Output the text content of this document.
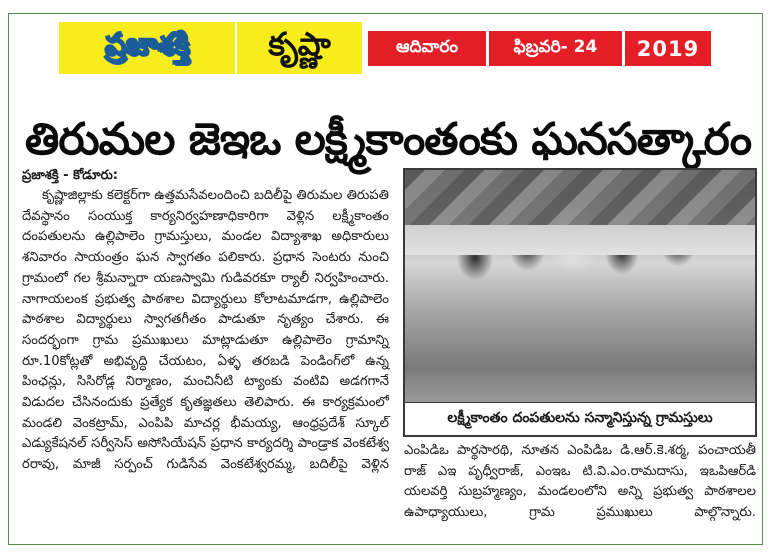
ప్రజాశక్తి కృష్ణా	ఆదివారం	ఫిబ్రవరి- 24	2019
తిరుమల జెఇఒ లక్ష్మీకాంతంకు ఘనసత్కారం
ప్రజాశక్తి - కోడూరు:

కృష్ణాజిల్లాకు కలెక్టర్‌గా ఉత్తమసేవలందించి బదిలీపై తిరుమల తిరుపతి దేవస్థానం సంయుక్త కార్యనిర్వహణాధికారిగా వెళ్లిన లక్ష్మీకాంతం దంపతులను ఉల్లిపాలెం గ్రామస్తులు, మండల విద్యాశాఖ అధికారులు శనివారం సాయంత్రం ఘన స్వాగతం పలికారు. ప్రధాన సెంటరు నుంచి గ్రామంలో గల శ్రీమన్నారా యణస్వామి గుడివరకూ ర్యాలీ నిర్వహించారు. నాగాయలంక ప్రభుత్వ పాఠశాల విద్యార్థులు కోలాటమాడగా, ఉల్లిపాలెం పాఠశాల విద్యార్థులు స్వాగతగీతం పాడుతూ నృత్యం చేశారు. ఈ సందర్భంగా గ్రామ ప్రముఖులు మాట్లాడుతూ ఉల్లిపాలెం గ్రామాన్ని రూ.10కోట్లతో అభివృద్ధి చేయటం, ఏళ్ళ తరబడి పెండింగ్‌లో ఉన్న పింఛన్లు, సిసిరోడ్ల నిర్మాణం, మంచినీటి ట్యాంకు వంటివి అడగగానే విడుదల చేసినందుకు ప్రత్యేక కృతజ్ఞతలు తెలిపారు. ఈ కార్యక్రమంలో మండలి వెంకట్రామ్, ఎంపిపి మాచర్ల భీమయ్య, ఆంధ్రప్రదేశ్ స్కూల్ ఎడ్యుకేషనల్ సర్వీసెస్ అసోసియేషన్ ప్రధాన కార్యదర్శి పాండ్రాక వెంకటేశ్వ రరావు, మాజీ సర్పంచ్ గుడిసేవ వెంకటేశ్వరమ్మ, బదిలీపై వెళ్లిన

లక్ష్మీకాంతం దంపతులను సన్మానిస్తున్న గ్రామస్తులు

ఎంపిడిఒ పార్థసారథి, నూతన ఎంపిడిఒ డి.ఆర్.కె.శర్మ, పంచాయతీ రాజ్ ఎఇ పృధ్వీరాజ్, ఎంఇఒ టి.వి.ఎం.రామదాసు, ఇఒపిఆర్‌డి యలవర్తి సుబ్రహ్మణ్యం, మండలంలోని అన్ని ప్రభుత్వ పాఠశాలల ఉపాధ్యాయులు, గ్రామ ప్రముఖులు పాల్గొన్నారు.
